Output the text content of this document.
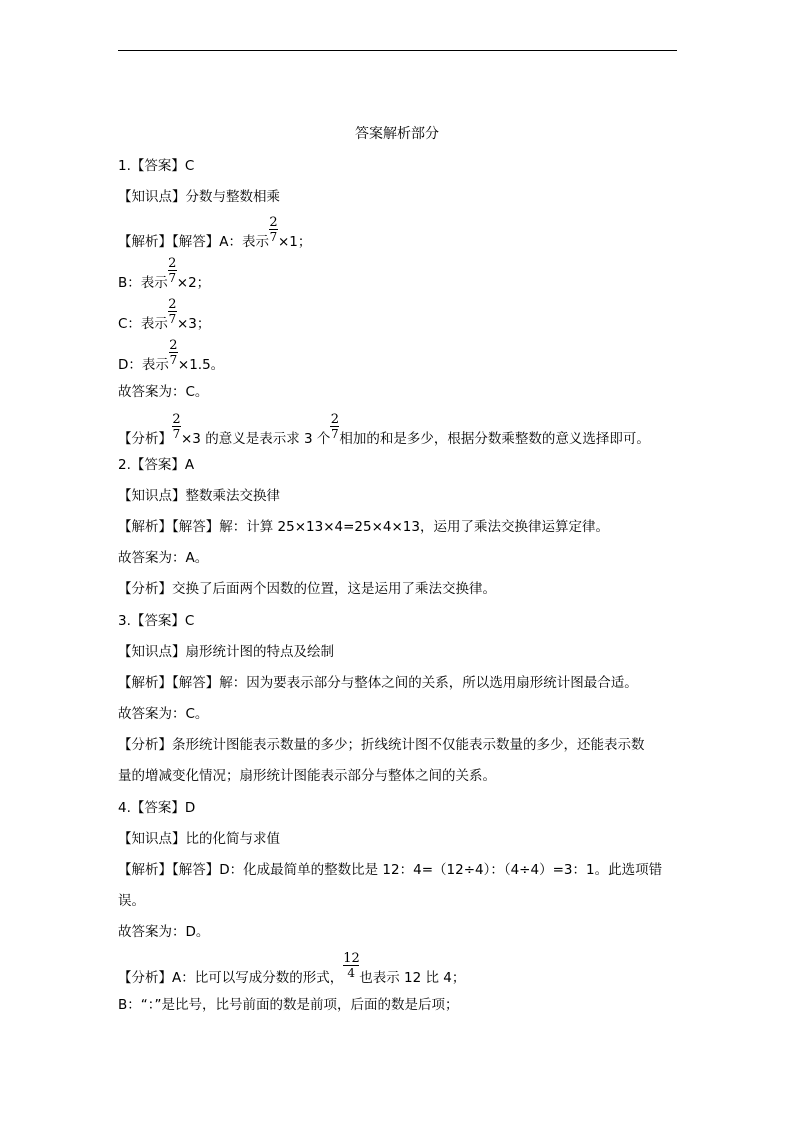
答案解析部分
1.【答案】C
【知识点】分数与整数相乘
【解析】【解答】A：表示 $\frac{2}{7} \times 1$；
B：表示 $\frac{2}{7} \times 2$；
C：表示 $\frac{2}{7} \times 3$；
D：表示 $\frac{2}{7} \times 1.5$。
故答案为：C。
【分析】 $\frac{2}{7} \times 3$ 的意义是表示求 3 个 $\frac{2}{7}$ 相加的和是多少，根据分数乘整数的意义选择即可。
2.【答案】A
【知识点】整数乘法交换律
【解析】【解答】解：计算 25×13×4=25×4×13，运用了乘法交换律运算定律。
故答案为：A。
【分析】交换了后面两个因数的位置，这是运用了乘法交换律。
3.【答案】C
【知识点】扇形统计图的特点及绘制
【解析】【解答】解：因为要表示部分与整体之间的关系，所以选用扇形统计图最合适。
故答案为：C。
【分析】条形统计图能表示数量的多少；折线统计图不仅能表示数量的多少，还能表示数
量的增减变化情况；扇形统计图能表示部分与整体之间的关系。
4.【答案】D
【知识点】比的化简与求值
【解析】【解答】D：化成最简单的整数比是 12：4=（12÷4）：（4÷4）=3：1。此选项错
误。
故答案为：D。
【分析】A：比可以写成分数的形式， $\frac{12}{4}$ 也表示 12 比 4；
B：“：”是比号，比号前面的数是前项，后面的数是后项；
